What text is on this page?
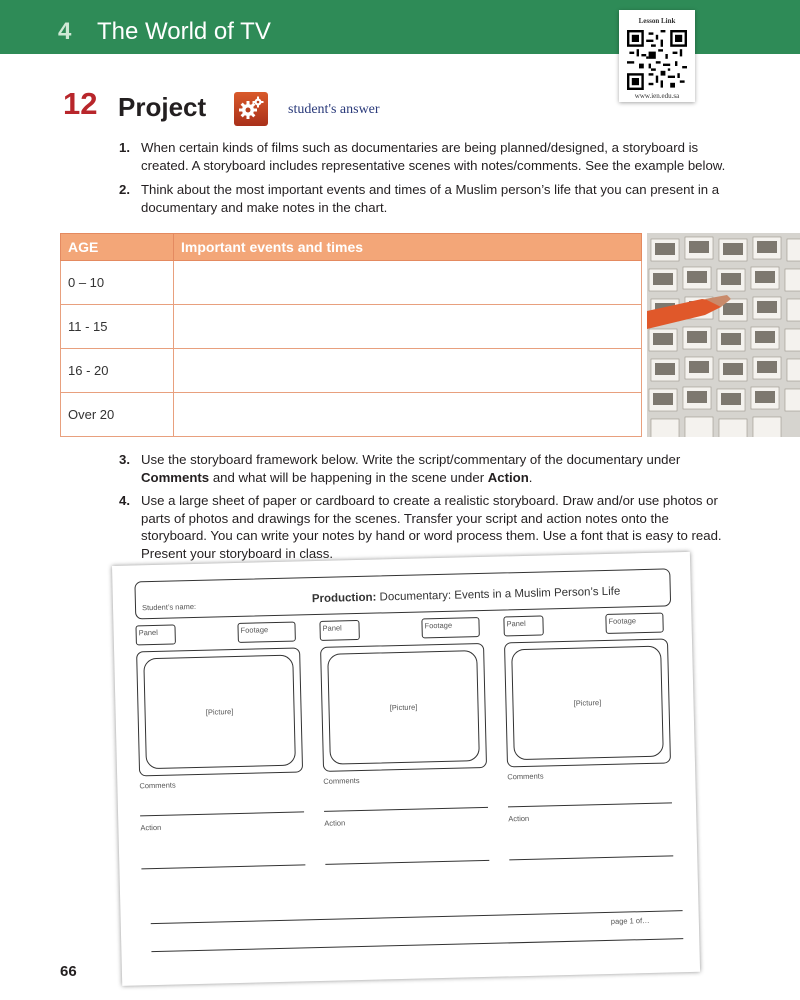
4 The World of TV	Lesson Link
www.ien.edu.sa
12 Project	student's answer
1. When certain kinds of films such as documentaries are being planned/designed, a storyboard is created. A storyboard includes representative scenes with notes/comments. See the example below.
2. Think about the most important events and times of a Muslim person’s life that you can present in a documentary and make notes in the chart.
AGE	Important events and times
0 – 10	
11 - 15	
16 - 20	
Over 20	
3. Use the storyboard framework below. Write the script/commentary of the documentary under Comments and what will be happening in the scene under Action.
4. Use a large sheet of paper or cardboard to create a realistic storyboard. Draw and/or use photos or parts of photos and drawings for the scenes. Transfer your script and action notes onto the storyboard. You can write your notes by hand or word process them. Use a font that is easy to read. Present your storyboard in class.
Student’s name:
Production: Documentary: Events in a Muslim Person’s Life
Panel	Footage
[Picture]
Comments
Action
Panel	Footage
[Picture]
Comments
Action
Panel	Footage
[Picture]
Comments
Action
page 1 of…
66
